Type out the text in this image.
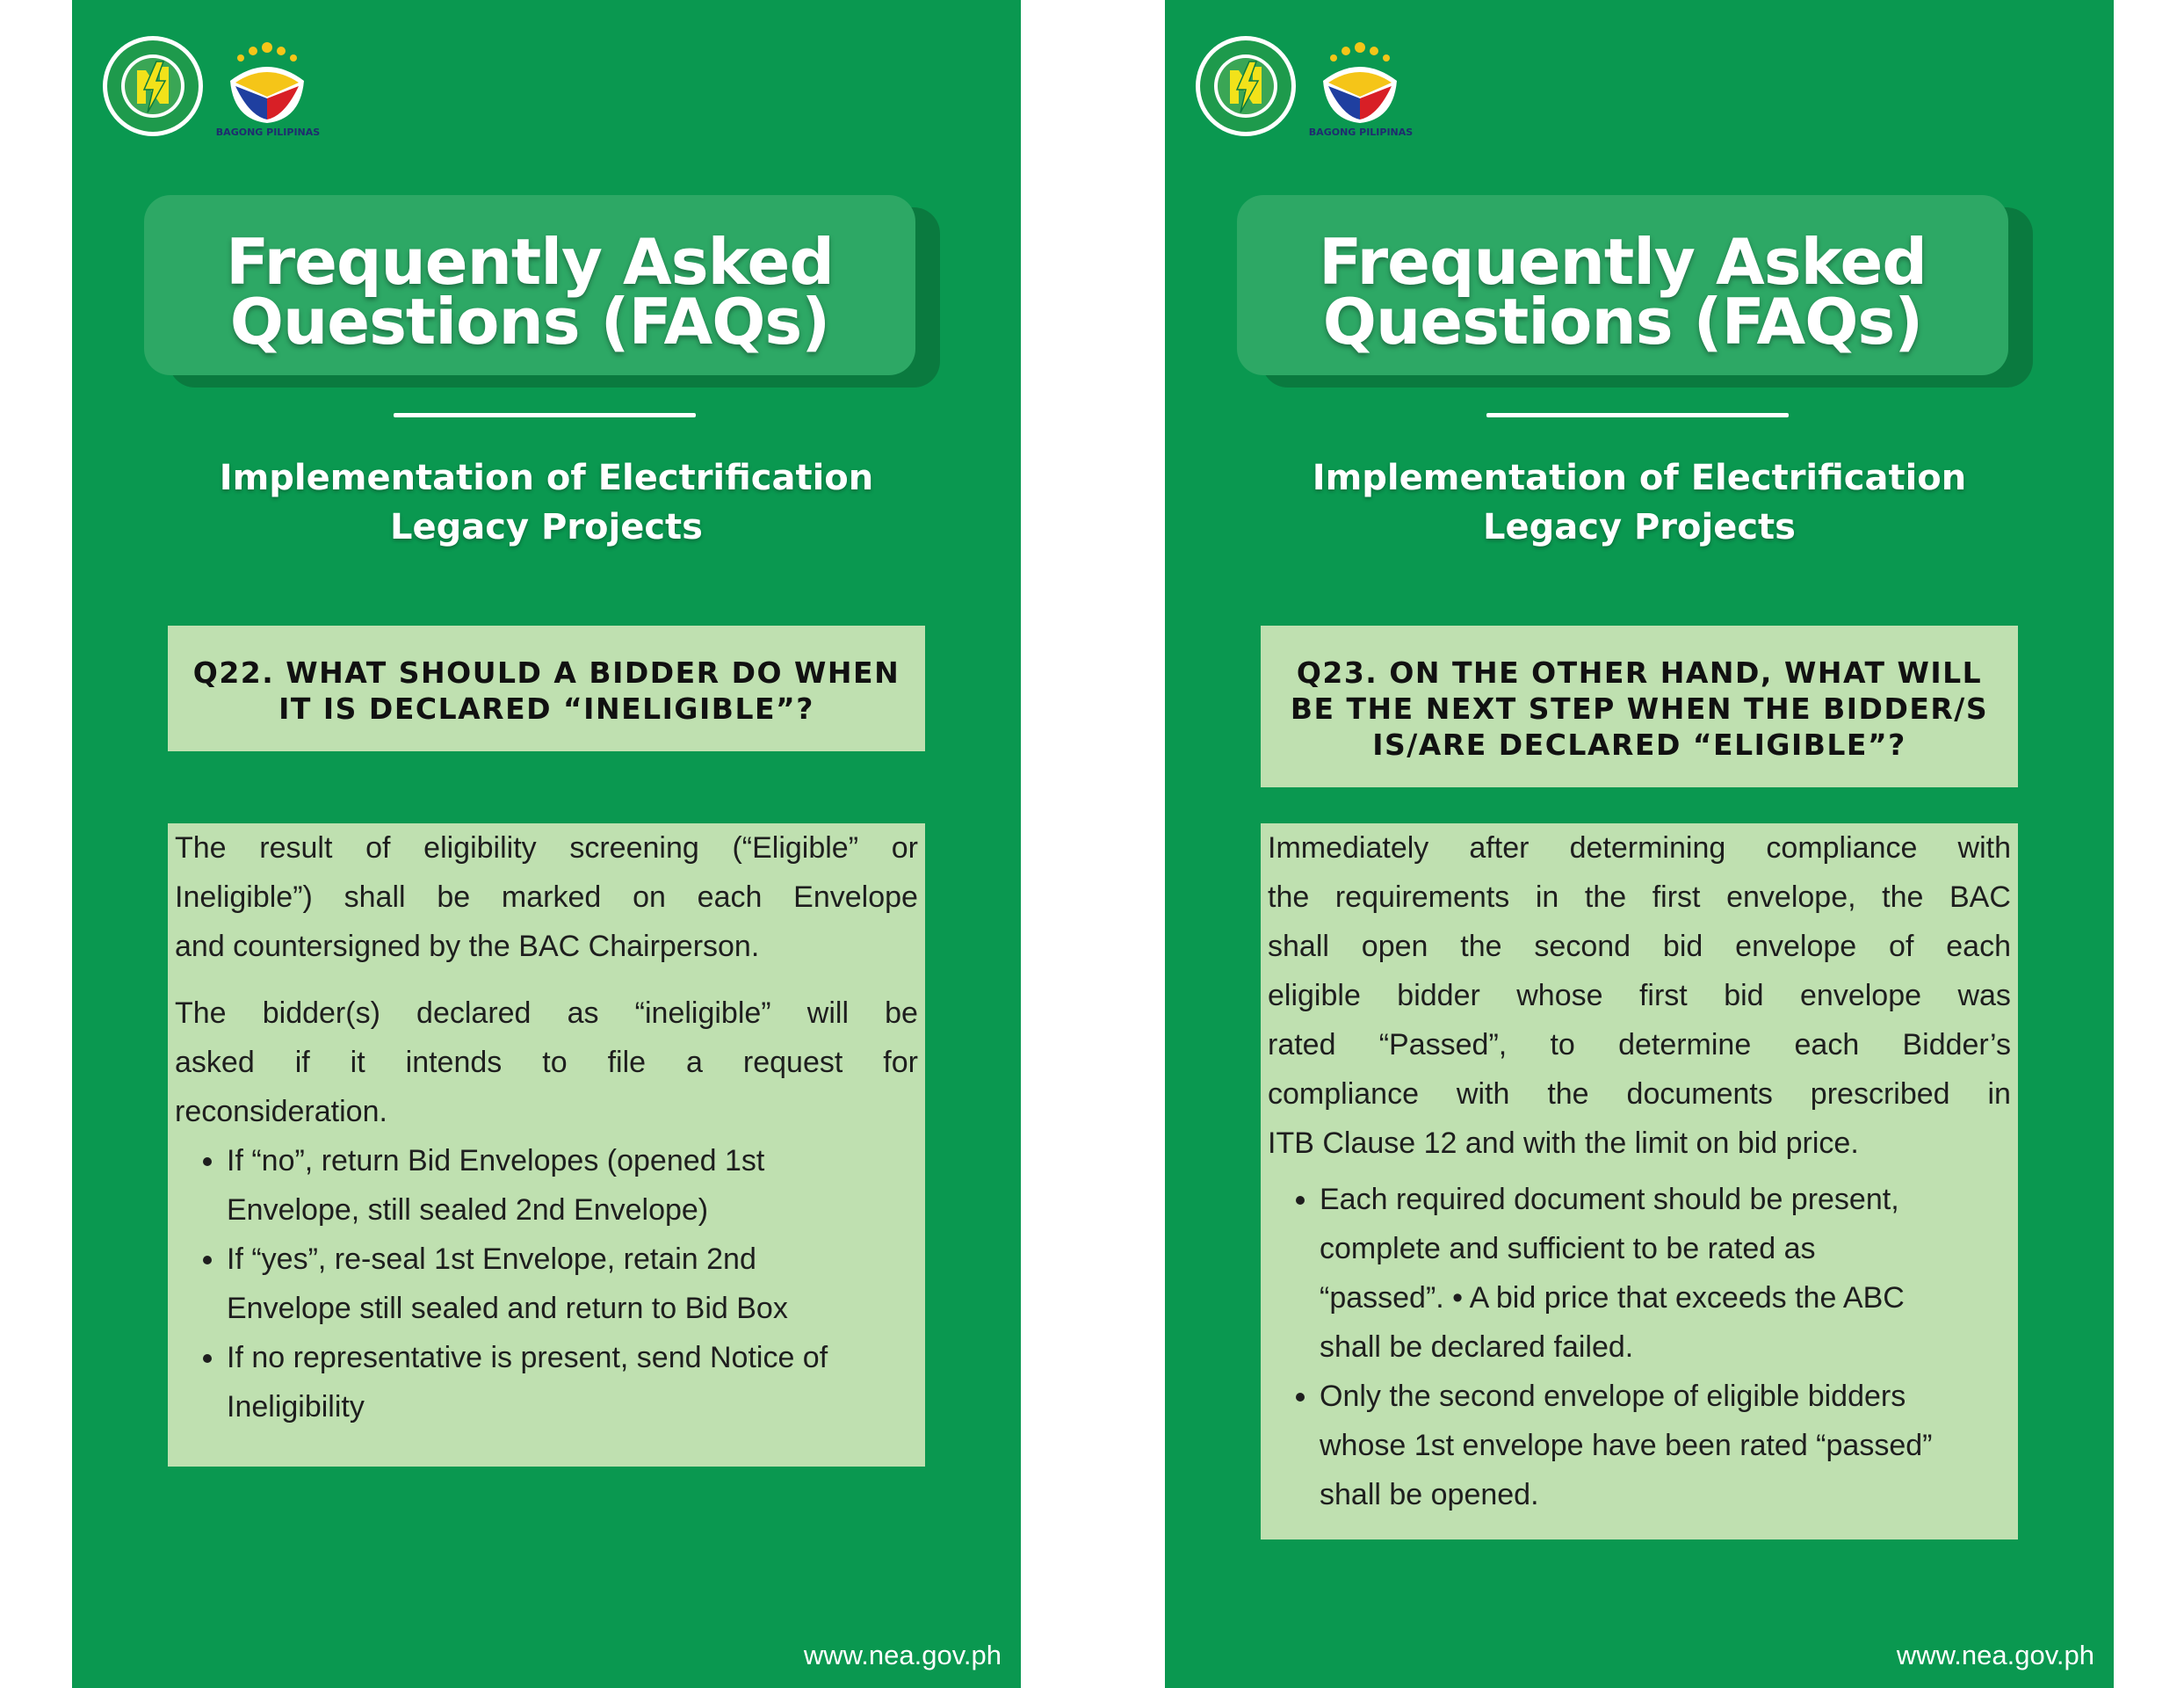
BAGONG PILIPINAS
Frequently Asked
Questions (FAQs)
Implementation of Electrification
Legacy Projects
Q22. WHAT SHOULD A BIDDER DO WHEN
IT IS DECLARED “INELIGIBLE”?
The result of eligibility screening (“Eligible” or
Ineligible”) shall be marked on each Envelope
and countersigned by the BAC Chairperson.
The bidder(s) declared as “ineligible” will be
asked if it intends to file a request for
reconsideration.
If “no”, return Bid Envelopes (opened 1st
Envelope, still sealed 2nd Envelope)
If “yes”, re-seal 1st Envelope, retain 2nd
Envelope still sealed and return to Bid Box
If no representative is present, send Notice of
Ineligibility
www.nea.gov.ph
BAGONG PILIPINAS
Frequently Asked
Questions (FAQs)
Implementation of Electrification
Legacy Projects
Q23. ON THE OTHER HAND, WHAT WILL
BE THE NEXT STEP WHEN THE BIDDER/S
IS/ARE DECLARED “ELIGIBLE”?
Immediately after determining compliance with
the requirements in the first envelope, the BAC
shall open the second bid envelope of each
eligible bidder whose first bid envelope was
rated “Passed”, to determine each Bidder’s
compliance with the documents prescribed in
ITB Clause 12 and with the limit on bid price.
Each required document should be present,
complete and sufficient to be rated as
“passed”. • A bid price that exceeds the ABC
shall be declared failed.
Only the second envelope of eligible bidders
whose 1st envelope have been rated “passed”
shall be opened.
www.nea.gov.ph
